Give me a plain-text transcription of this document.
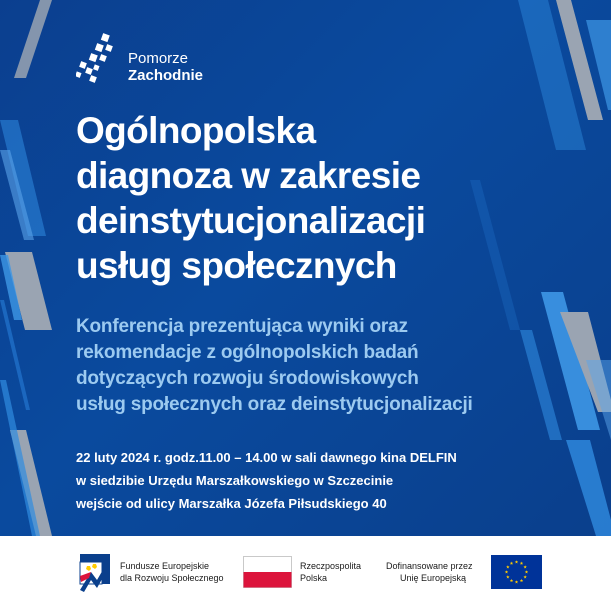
Pomorze
Zachodnie
Ogólnopolska
diagnoza w zakresie
deinstytucjonalizacji
usług społecznych

Konferencja prezentująca wyniki oraz
rekomendacje z ogólnopolskich badań
dotyczących rozwoju środowiskowych
usług społecznych oraz deinstytucjonalizacji

22 luty 2024 r. godz.11.00 – 14.00 w sali dawnego kina DELFIN
w siedzibie Urzędu Marszałkowskiego w Szczecinie
wejście od ulicy Marszałka Józefa Piłsudskiego 40

Fundusze Europejskie
dla Rozwoju Społecznego
Rzeczpospolita
Polska
Dofinansowane przez
Unię Europejską
